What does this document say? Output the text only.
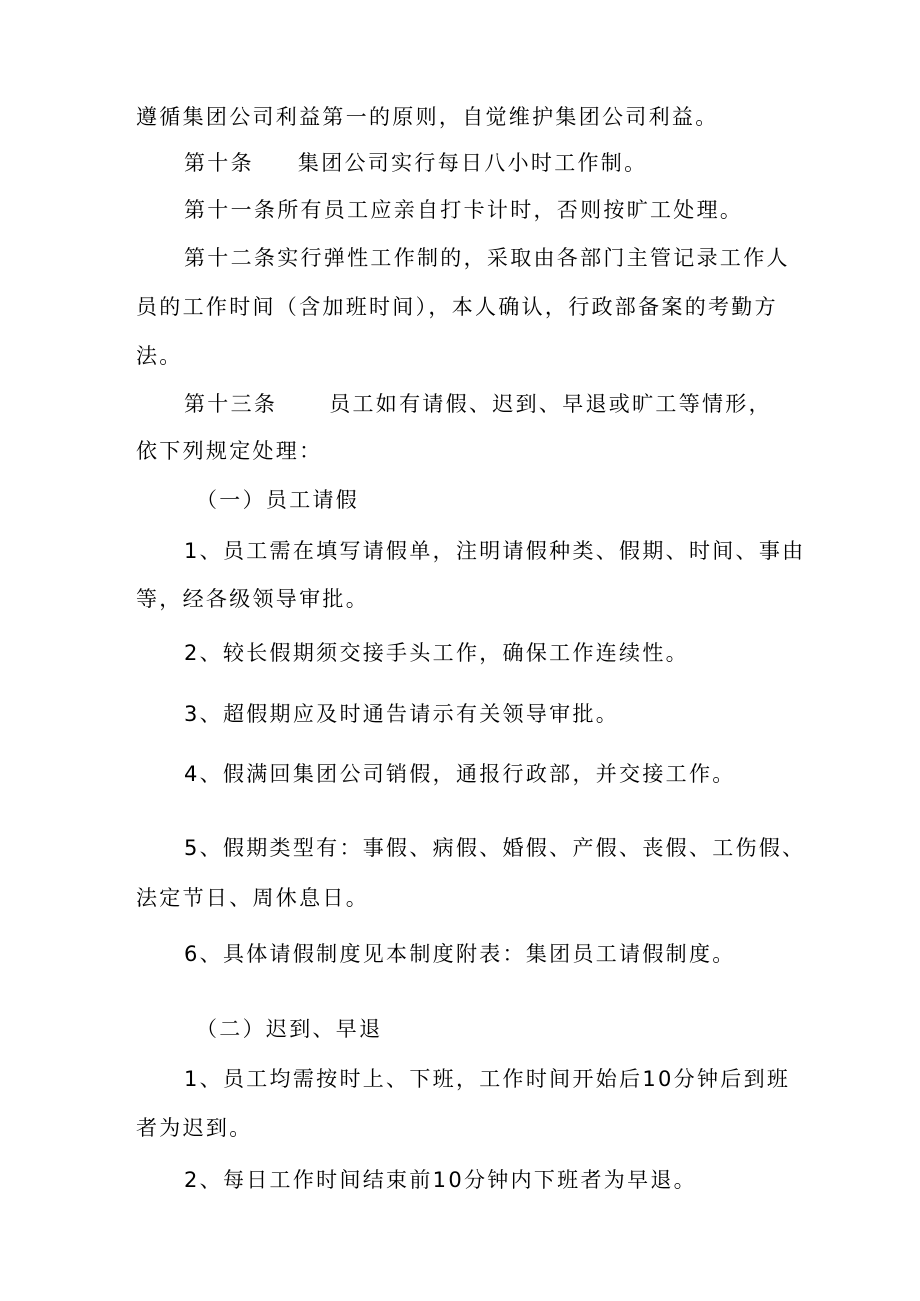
遵循集团公司利益第一的原则，自觉维护集团公司利益。
第十条 集团公司实行每日八小时工作制。
第十一条所有员工应亲自打卡计时，否则按旷工处理。
第十二条实行弹性工作制的，采取由各部门主管记录工作人
员的工作时间（含加班时间），本人确认，行政部备案的考勤方
法。
第十三条 员工如有请假、迟到、早退或旷工等情形，
依下列规定处理：
（一）员工请假
1、员工需在填写请假单，注明请假种类、假期、时间、事由
等，经各级领导审批。
2、较长假期须交接手头工作，确保工作连续性。
3、超假期应及时通告请示有关领导审批。
4、假满回集团公司销假，通报行政部，并交接工作。
5、假期类型有：事假、病假、婚假、产假、丧假、工伤假、
法定节日、周休息日。
6、具体请假制度见本制度附表：集团员工请假制度。
（二）迟到、早退
1、员工均需按时上、下班，工作时间开始后10分钟后到班
者为迟到。
2、每日工作时间结束前10分钟内下班者为早退。
